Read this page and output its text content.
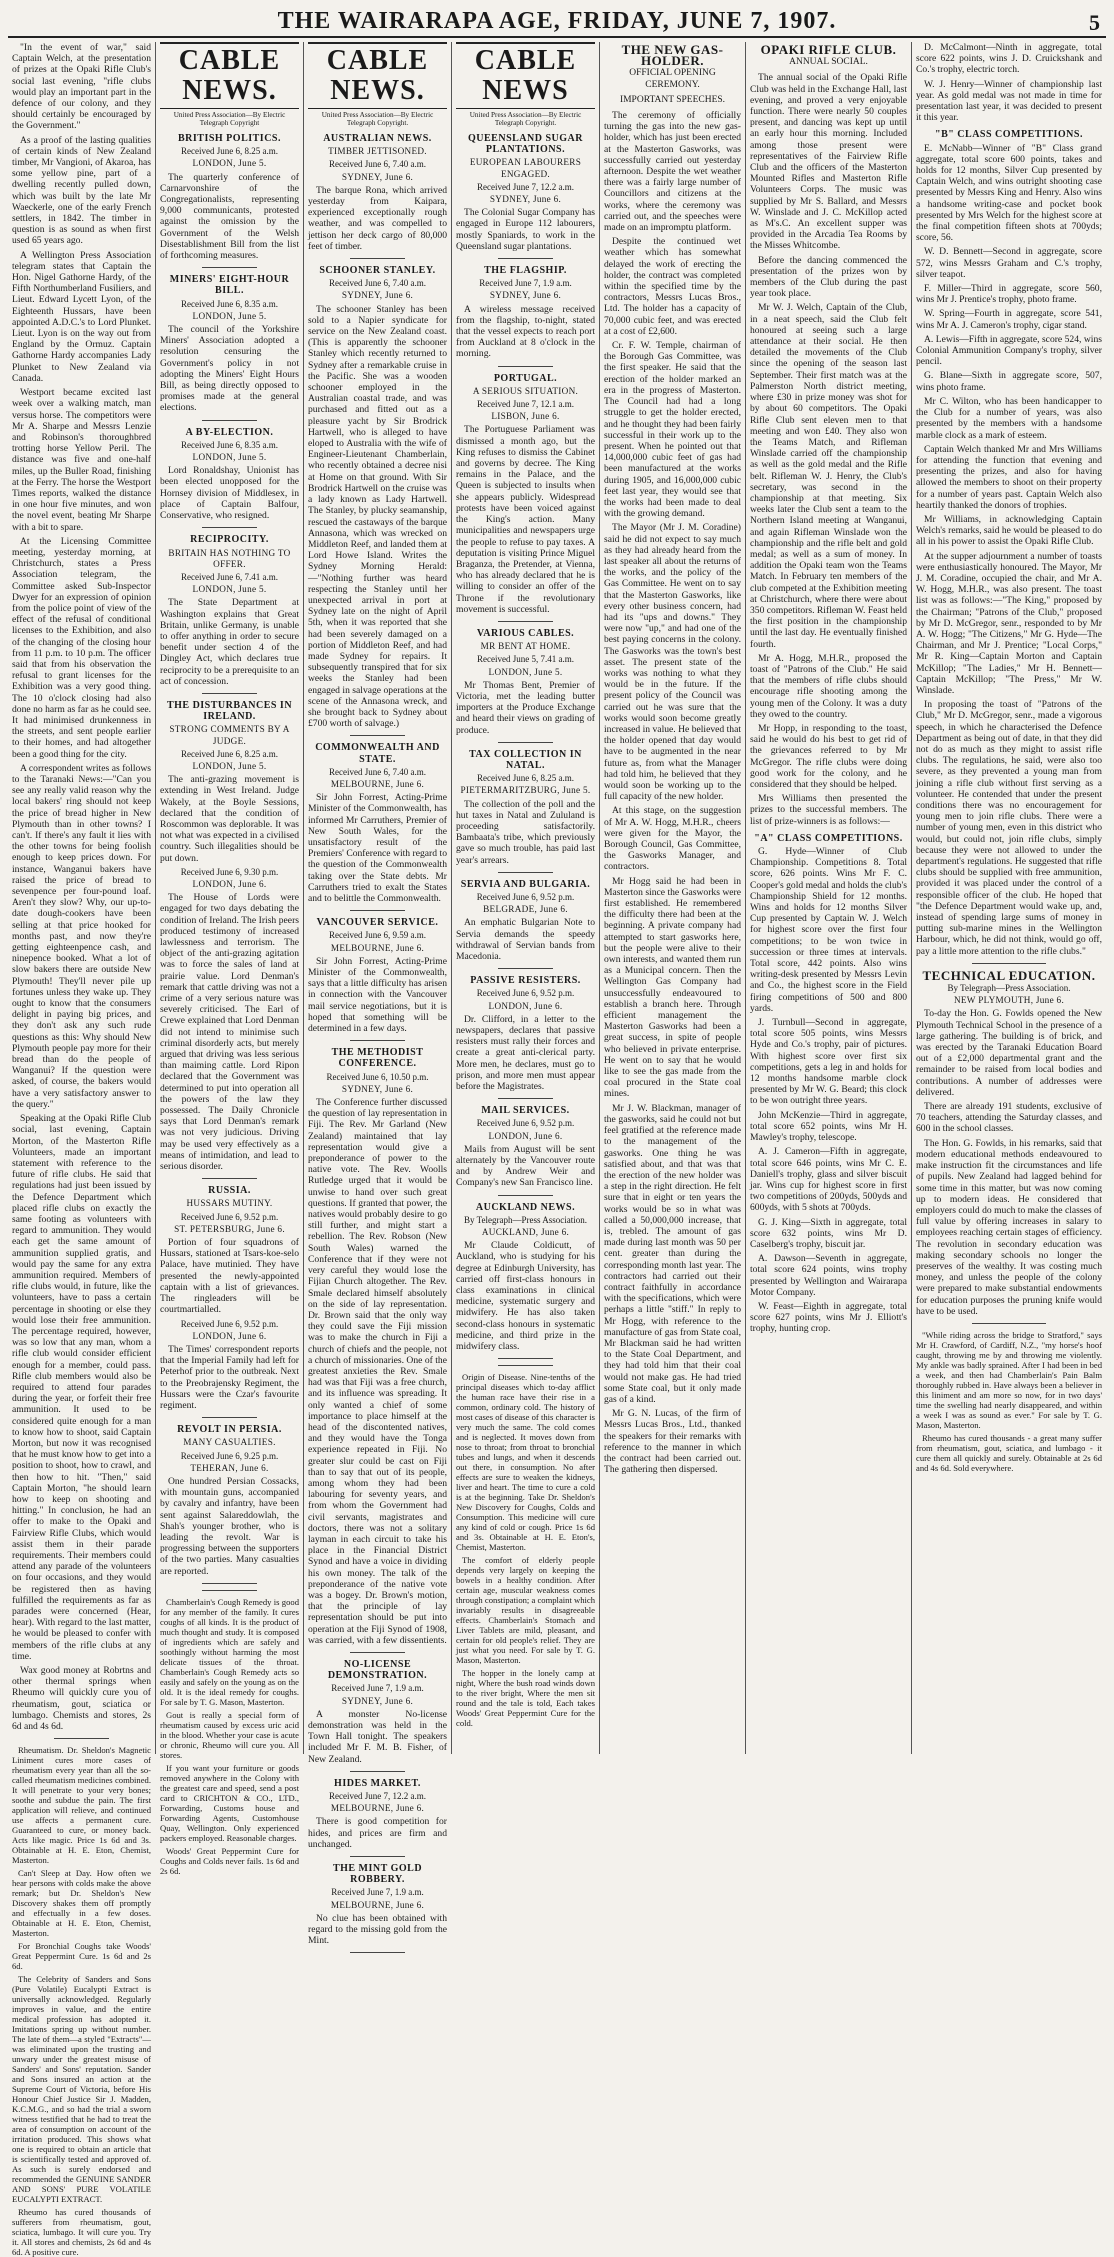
THE WAIRARAPA AGE, FRIDAY, JUNE 7, 1907.	5

"In the event of war," said Captain Welch, at the presentation of prizes at the Opaki Rifle Club's social last evening, "rifle clubs would play an important part in the defence of our colony, and they should certainly be encouraged by the Government."

As a proof of the lasting qualities of certain kinds of New Zealand timber, Mr Vangioni, of Akaroa, has some yellow pine, part of a dwelling recently pulled down, which was built by the late Mr Waeckerle, one of the early French settlers, in 1842. The timber in question is as sound as when first used 65 years ago.

A Wellington Press Association telegram states that Captain the Hon. Nigel Gathorne Hardy, of the Fifth Northumberland Fusiliers, and Lieut. Edward Lycett Lyon, of the Eighteenth Hussars, have been appointed A.D.C.'s to Lord Plunket. Lieut. Lyon is on the way out from England by the Ormuz. Captain Gathorne Hardy accompanies Lady Plunket to New Zealand via Canada.

Westport became excited last week over a walking match, man versus horse. The competitors were Mr A. Sharpe and Messrs Lenzie and Robinson's thoroughbred trotting horse Yellow Peril. The distance was five and one-half miles, up the Buller Road, finishing at the Ferry. The horse the Westport Times reports, walked the distance in one hour five minutes, and won the novel event, beating Mr Sharpe with a bit to spare.

At the Licensing Committee meeting, yesterday morning, at Christchurch, states a Press Association telegram, the Committee asked Sub-Inspector Dwyer for an expression of opinion from the police point of view of the effect of the refusal of conditional licenses to the Exhibition, and also of the changing of the closing hour from 11 p.m. to 10 p.m. The officer said that from his observation the refusal to grant licenses for the Exhibition was a very good thing. The 10 o'clock closing had also done no harm as far as he could see. It had minimised drunkenness in the streets, and sent people earlier to their homes, and had altogether been a good thing for the city.

A correspondent writes as follows to the Taranaki News:—"Can you see any really valid reason why the local bakers' ring should not keep the price of bread higher in New Plymouth than in other towns? I can't. If there's any fault it lies with the other towns for being foolish enough to keep prices down. For instance, Wanganui bakers have raised the price of bread to sevenpence per four-pound loaf. Aren't they slow? Why, our up-to-date dough-cookers have been selling at that price hooked for months past, and now they're getting eighteenpence cash, and ninepence booked. What a lot of slow bakers there are outside New Plymouth! They'll never pile up fortunes unless they wake up. They ought to know that the consumers delight in paying big prices, and they don't ask any such rude questions as this: Why should New Plymouth people pay more for their bread than do the people of Wanganui? If the question were asked, of course, the bakers would have a very satisfactory answer to the query."

Speaking at the Opaki Rifle Club social, last evening, Captain Morton, of the Masterton Rifle Volunteers, made an important statement with reference to the future of rifle clubs. He said that regulations had just been issued by the Defence Department which placed rifle clubs on exactly the same footing as volunteers with regard to ammunition. They would each get the same amount of ammunition supplied gratis, and would pay the same for any extra ammunition required. Members of rifle clubs would, in future, like the volunteers, have to pass a certain percentage in shooting or else they would lose their free ammunition. The percentage required, however, was so low that any man, whom a rifle club would consider efficient enough for a member, could pass. Rifle club members would also be required to attend four parades during the year, or forfeit their free ammunition. It used to be considered quite enough for a man to know how to shoot, said Captain Morton, but now it was recognised that he must know how to get into a position to shoot, how to crawl, and then how to hit. "Then," said Captain Morton, "he should learn how to keep on shooting and hitting." In conclusion, he had an offer to make to the Opaki and Fairview Rifle Clubs, which would assist them in their parade requirements. Their members could attend any parade of the volunteers on four occasions, and they would be registered then as having fulfilled the requirements as far as parades were concerned (Hear, hear). With regard to the last matter, he would be pleased to confer with members of the rifle clubs at any time.

Wax good money at Robrtns and other thermal springs when Rheumo will quickly cure you of rheumatism, gout, sciatica or lumbago. Chemists and stores, 2s 6d and 4s 6d.

Rheumatism. Dr. Sheldon's Magnetic Liniment cures more cases of rheumatism every year than all the so-called rheumatism medicines combined. It will penetrate to your very bones; soothe and subdue the pain. The first application will relieve, and continued use affects a permanent cure. Guaranteed to cure, or money back. Acts like magic. Price 1s 6d and 3s. Obtainable at H. E. Eton, Chemist, Masterton.

Can't Sleep at Day. How often we hear persons with colds make the above remark; but Dr. Sheldon's New Discovery shakes them off promptly and effectually in a few doses. Obtainable at H. E. Eton, Chemist, Masterton.

For Bronchial Coughs take Woods' Great Peppermint Cure. 1s 6d and 2s 6d.

The Celebrity of Sanders and Sons (Pure Volatile) Eucalypti Extract is universally acknowledged. Regularly improves in value, and the entire medical profession has adopted it. Imitations spring up without number. The late of them—a styled "Extracts"—was eliminated upon the trusting and unwary under the greatest misuse of Sanders' and Sons' reputation. Sander and Sons insured an action at the Supreme Court of Victoria, before His Honour Chief Justice Sir J. Madden, K.C.M.G., and so had the trial a sworn witness testified that he had to treat the area of consumption on account of the irritation produced. This shows what one is required to obtain an article that is scientifically tested and approved of. As such is surely endorsed and recommended the GENUINE SANDER AND SONS' PURE VOLATILE EUCALYPTI EXTRACT.

Rheumo has cured thousands of sufferers from rheumatism, gout, sciatica, lumbago. It will cure you. Try it. All stores and chemists, 2s 6d and 4s 6d. A positive cure.

CABLE NEWS.
United Press Association—By Electric Telegraph Copyright
BRITISH POLITICS.
Received June 6, 8.25 a.m.
LONDON, June 5.

The quarterly conference of Carnarvonshire of the Congregationalists, representing 9,000 communicants, protested against the omission by the Government of the Welsh Disestablishment Bill from the list of forthcoming measures.

MINERS' EIGHT-HOUR BILL.
Received June 6, 8.35 a.m.
LONDON, June 5.

The council of the Yorkshire Miners' Association adopted a resolution censuring the Government's policy in not adopting the Miners' Eight Hours Bill, as being directly opposed to promises made at the general elections.

A BY-ELECTION.
Received June 6, 8.35 a.m.
LONDON, June 5.

Lord Ronaldshay, Unionist has been elected unopposed for the Hornsey division of Middlesex, in place of Captain Balfour, Conservative, who resigned.

RECIPROCITY.
BRITAIN HAS NOTHING TO OFFER.
Received June 6, 7.41 a.m.
LONDON, June 5.

The State Department at Washington explains that Great Britain, unlike Germany, is unable to offer anything in order to secure benefit under section 4 of the Dingley Act, which declares true reciprocity to be a prerequisite to an act of concession.

THE DISTURBANCES IN IRELAND.
STRONG COMMENTS BY A JUDGE.
Received June 6, 8.25 a.m.
LONDON, June 5.

The anti-grazing movement is extending in West Ireland. Judge Wakely, at the Boyle Sessions, declared that the condition of Roscommon was deplorable. It was not what was expected in a civilised country. Such illegalities should be put down.

Received June 6, 9.30 p.m.
LONDON, June 6.

The House of Lords were engaged for two days debating the condition of Ireland. The Irish peers produced testimony of increased lawlessness and terrorism. The object of the anti-grazing agitation was to force the sales of land at prairie value. Lord Denman's remark that cattle driving was not a crime of a very serious nature was severely criticised. The Earl of Crewe explained that Lord Denman did not intend to minimise such criminal disorderly acts, but merely argued that driving was less serious than maiming cattle. Lord Ripon declared that the Government was determined to put into operation all the powers of the law they possessed. The Daily Chronicle says that Lord Denman's remark was not very judicious. Driving may be used very effectively as a means of intimidation, and lead to serious disorder.

RUSSIA.
HUSSARS MUTINY.
Received June 6, 9.52 p.m.
ST. PETERSBURG, June 6.

Portion of four squadrons of Hussars, stationed at Tsars-koe-selo Palace, have mutinied. They have presented the newly-appointed captain with a list of grievances. The ringleaders will be courtmartialled.

Received June 6, 9.52 p.m.
LONDON, June 6.

The Times' correspondent reports that the Imperial Family had left for Peterhof prior to the outbreak. Next to the Preobrajensky Regiment, the Hussars were the Czar's favourite regiment.

REVOLT IN PERSIA.
MANY CASUALTIES.
Received June 6, 9.25 p.m.
TEHERAN, June 6.

One hundred Persian Cossacks, with mountain guns, accompanied by cavalry and infantry, have been sent against Salareddowlah, the Shah's younger brother, who is leading the revolt. War is progressing between the supporters of the two parties. Many casualties are reported.

Chamberlain's Cough Remedy is good for any member of the family. It cures coughs of all kinds. It is the product of much thought and study. It is composed of ingredients which are safely and soothingly without harming the most delicate tissues of the throat. Chamberlain's Cough Remedy acts so easily and safely on the young as on the old. It is the ideal remedy for coughs. For sale by T. G. Mason, Masterton.

Gout is really a special form of rheumatism caused by excess uric acid in the blood. Whether your case is acute or chronic, Rheumo will cure you. All stores.

If you want your furniture or goods removed anywhere in the Colony with the greatest care and speed, send a post card to CRICHTON & CO., LTD., Forwarding, Customs house and Forwarding Agents, Customhouse Quay, Wellington. Only experienced packers employed. Reasonable charges.

Woods' Great Peppermint Cure for Coughs and Colds never fails. 1s 6d and 2s 6d.

CABLE NEWS.
United Press Association—By Electric Telegraph Copyright.
AUSTRALIAN NEWS.
TIMBER JETTISONED.
Received June 6, 7.40 a.m.
SYDNEY, June 6.

The barque Rona, which arrived yesterday from Kaipara, experienced exceptionally rough weather, and was compelled to jettison her deck cargo of 80,000 feet of timber.

SCHOONER STANLEY.
Received June 6, 7.40 a.m.
SYDNEY, June 6.

The schooner Stanley has been sold to a Napier syndicate for service on the New Zealand coast. (This is apparently the schooner Stanley which recently returned to Sydney after a remarkable cruise in the Pacific. She was a wooden schooner employed in the Australian coastal trade, and was purchased and fitted out as a pleasure yacht by Sir Brodrick Hartwell, who is alleged to have eloped to Australia with the wife of Engineer-Lieutenant Chamberlain, who recently obtained a decree nisi at Home on that ground. With Sir Brodrick Hartwell on the cruise was a lady known as Lady Hartwell. The Stanley, by plucky seamanship, rescued the castaways of the barque Annasona, which was wrecked on Middleton Reef, and landed them at Lord Howe Island. Writes the Sydney Morning Herald: —"Nothing further was heard respecting the Stanley until her unexpected arrival in port at Sydney late on the night of April 5th, when it was reported that she had been severely damaged on a portion of Middleton Reef, and had made Sydney for repairs. It subsequently transpired that for six weeks the Stanley had been engaged in salvage operations at the scene of the Annasona wreck, and she brought back to Sydney about £700 worth of salvage.)

COMMONWEALTH AND STATE.
Received June 6, 7.40 a.m.
MELBOURNE, June 6.

Sir John Forrest, Acting-Prime Minister of the Commonwealth, has informed Mr Carruthers, Premier of New South Wales, for the unsatisfactory result of the Premiers' Conference with regard to the question of the Commonwealth taking over the State debts. Mr Carruthers tried to exalt the States and to belittle the Commonwealth.

VANCOUVER SERVICE.
Received June 6, 9.59 a.m.
MELBOURNE, June 6.

Sir John Forrest, Acting-Prime Minister of the Commonwealth, says that a little difficulty has arisen in connection with the Vancouver mail service negotiations, but it is hoped that something will be determined in a few days.

THE METHODIST CONFERENCE.
Received June 6, 10.50 p.m.
SYDNEY, June 6.

The Conference further discussed the question of lay representation in Fiji. The Rev. Mr Garland (New Zealand) maintained that lay representation would give a preponderance of power to the native vote. The Rev. Woolls Rutledge urged that it would be unwise to hand over such great questions. If granted that power, the natives would probably desire to go still further, and might start a rebellion. The Rev. Robson (New South Wales) warned the Conference that if they were not very careful they would lose the Fijian Church altogether. The Rev. Smale declared himself absolutely on the side of lay representation. Dr. Brown said that the only way they could save the Fiji mission was to make the church in Fiji a church of chiefs and the people, not a church of missionaries. One of the greatest anxieties the Rev. Smale had was that Fiji was a free church, and its influence was spreading. It only wanted a chief of some importance to place himself at the head of the discontented natives, and they would have the Tonga experience repeated in Fiji. No greater slur could be cast on Fiji than to say that out of its people, among whom they had been labouring for seventy years, and from whom the Government had civil servants, magistrates and doctors, there was not a solitary layman in each circuit to take his place in the Financial District Synod and have a voice in dividing his own money. The talk of the preponderance of the native vote was a bogey. Dr. Brown's motion, that the principle of lay representation should be put into operation at the Fiji Synod of 1908, was carried, with a few dissentients.

NO-LICENSE DEMONSTRATION.
Received June 7, 1.9 a.m.
SYDNEY, June 6.

A monster No-license demonstration was held in the Town Hall tonight. The speakers included Mr F. M. B. Fisher, of New Zealand.

HIDES MARKET.
Received June 7, 12.2 a.m.
MELBOURNE, June 6.

There is good competition for hides, and prices are firm and unchanged.

THE MINT GOLD ROBBERY.
Received June 7, 1.9 a.m.
MELBOURNE, June 6.

No clue has been obtained with regard to the missing gold from the Mint.

CABLE NEWS
United Press Association—By Electric Telegraph Copyright.
QUEENSLAND SUGAR PLANTATIONS.
EUROPEAN LABOURERS ENGAGED.
Received June 7, 12.2 a.m.
SYDNEY, June 6.

The Colonial Sugar Company has engaged in Europe 112 labourers, mostly Spaniards, to work in the Queensland sugar plantations.

THE FLAGSHIP.
Received June 7, 1.9 a.m.
SYDNEY, June 6.

A wireless message received from the flagship, to-night, stated that the vessel expects to reach port from Auckland at 8 o'clock in the morning.

PORTUGAL.
A SERIOUS SITUATION.
Received June 7, 12.1 a.m.
LISBON, June 6.

The Portuguese Parliament was dismissed a month ago, but the King refuses to dismiss the Cabinet and governs by decree. The King remains in the Palace, and the Queen is subjected to insults when she appears publicly. Widespread protests have been voiced against the King's action. Many municipalities and newspapers urge the people to refuse to pay taxes. A deputation is visiting Prince Miguel Braganza, the Pretender, at Vienna, who has already declared that he is willing to consider an offer of the Throne if the revolutionary movement is successful.

VARIOUS CABLES.
MR BENT AT HOME.
Received June 5, 7.41 a.m.
LONDON, June 5.

Mr Thomas Bent, Premier of Victoria, met the leading butter importers at the Produce Exchange and heard their views on grading of produce.

TAX COLLECTION IN NATAL.
Received June 6, 8.25 a.m.
PIETERMARITZBURG, June 5.

The collection of the poll and the hut taxes in Natal and Zululand is proceeding satisfactorily. Bambaata's tribe, which previously gave so much trouble, has paid last year's arrears.

SERVIA AND BULGARIA.
Received June 6, 9.52 p.m.
BELGRADE, June 6.

An emphatic Bulgarian Note to Servia demands the speedy withdrawal of Servian bands from Macedonia.

PASSIVE RESISTERS.
Received June 6, 9.52 p.m.
LONDON, June 6.

Dr. Clifford, in a letter to the newspapers, declares that passive resisters must rally their forces and create a great anti-clerical party. More men, he declares, must go to prison, and more men must appear before the Magistrates.

MAIL SERVICES.
Received June 6, 9.52 p.m.
LONDON, June 6.

Mails from August will be sent alternately by the Vancouver route and by Andrew Weir and Company's new San Francisco line.

AUCKLAND NEWS.
By Telegraph—Press Association.
AUCKLAND, June 6.

Mr Claude Coldicutt, of Auckland, who is studying for his degree at Edinburgh University, has carried off first-class honours in class examinations in clinical medicine, systematic surgery and midwifery. He has also taken second-class honours in systematic medicine, and third prize in the midwifery class.

Origin of Disease. Nine-tenths of the principal diseases which to-day afflict the human race have their rise in a common, ordinary cold. The history of most cases of disease of this character is very much the same. The cold comes and is neglected. It moves down from nose to throat; from throat to bronchial tubes and lungs, and when it descends out there, in consumption. No after effects are sure to weaken the kidneys, liver and heart. The time to cure a cold is at the beginning. Take Dr. Sheldon's New Discovery for Coughs, Colds and Consumption. This medicine will cure any kind of cold or cough. Price 1s 6d and 3s. Obtainable at H. E. Eton's, Chemist, Masterton.

The comfort of elderly people depends very largely on keeping the bowels in a healthy condition. After certain age, muscular weakness comes through constipation; a complaint which invariably results in disagreeable effects. Chamberlain's Stomach and Liver Tablets are mild, pleasant, and certain for old people's relief. They are just what you need. For sale by T. G. Mason, Masterton.

The hopper in the lonely camp at night, Where the bush road winds down to the river bright, Where the men sit round and the tale is told, Each takes Woods' Great Peppermint Cure for the cold.

THE NEW GAS-HOLDER.
OFFICIAL OPENING CEREMONY.
IMPORTANT SPEECHES.

The ceremony of officially turning the gas into the new gas-holder, which has just been erected at the Masterton Gasworks, was successfully carried out yesterday afternoon. Despite the wet weather there was a fairly large number of Councillors and citizens at the works, where the ceremony was carried out, and the speeches were made on an impromptu platform.

Despite the continued wet weather which has somewhat delayed the work of erecting the holder, the contract was completed within the specified time by the contractors, Messrs Lucas Bros., Ltd. The holder has a capacity of 70,000 cubic feet, and was erected at a cost of £2,600.

Cr. F. W. Temple, chairman of the Borough Gas Committee, was the first speaker. He said that the erection of the holder marked an era in the progress of Masterton. The Council had had a long struggle to get the holder erected, and he thought they had been fairly successful in their work up to the present. When he pointed out that 14,000,000 cubic feet of gas had been manufactured at the works during 1905, and 16,000,000 cubic feet last year, they would see that the works had been made to deal with the growing demand.

The Mayor (Mr J. M. Coradine) said he did not expect to say much as they had already heard from the last speaker all about the returns of the works, and the policy of the Gas Committee. He went on to say that the Masterton Gasworks, like every other business concern, had had its "ups and downs." They were now "up," and had one of the best paying concerns in the colony. The Gasworks was the town's best asset. The present state of the works was nothing to what they would be in the future. If the present policy of the Council was carried out he was sure that the works would soon become greatly increased in value. He believed that the holder opened that day would have to be augmented in the near future as, from what the Manager had told him, he believed that they would soon be working up to the full capacity of the new holder.

At this stage, on the suggestion of Mr A. W. Hogg, M.H.R., cheers were given for the Mayor, the Borough Council, Gas Committee, the Gasworks Manager, and contractors.

Mr Hogg said he had been in Masterton since the Gasworks were first established. He remembered the difficulty there had been at the beginning. A private company had attempted to start gasworks here, but the people were alive to their own interests, and wanted them run as a Municipal concern. Then the Wellington Gas Company had unsuccessfully endeavoured to establish a branch here. Through efficient management the Masterton Gasworks had been a great success, in spite of people who believed in private enterprise. He went on to say that he would like to see the gas made from the coal procured in the State coal mines.

Mr J. W. Blackman, manager of the gasworks, said he could not but feel gratified at the reference made to the management of the gasworks. One thing he was satisfied about, and that was that the erection of the new holder was a step in the right direction. He felt sure that in eight or ten years the works would be so in what was called a 50,000,000 increase, that is, trebled. The amount of gas made during last month was 50 per cent. greater than during the corresponding month last year. The contractors had carried out their contract faithfully in accordance with the specifications, which were perhaps a little "stiff." In reply to Mr Hogg, with reference to the manufacture of gas from State coal, Mr Blackman said he had written to the State Coal Department, and they had told him that their coal would not make gas. He had tried some State coal, but it only made gas of a kind.

Mr G. N. Lucas, of the firm of Messrs Lucas Bros., Ltd., thanked the speakers for their remarks with reference to the manner in which the contract had been carried out. The gathering then dispersed.

OPAKI RIFLE CLUB.
ANNUAL SOCIAL.

The annual social of the Opaki Rifle Club was held in the Exchange Hall, last evening, and proved a very enjoyable function. There were nearly 50 couples present, and dancing was kept up until an early hour this morning. Included among those present were representatives of the Fairview Rifle Club and the officers of the Masterton Mounted Rifles and Masterton Rifle Volunteers Corps. The music was supplied by Mr S. Ballard, and Messrs W. Winslade and J. C. McKillop acted as M's.C. An excellent supper was provided in the Arcadia Tea Rooms by the Misses Whitcombe.

Before the dancing commenced the presentation of the prizes won by members of the Club during the past year took place.

Mr W. J. Welch, Captain of the Club, in a neat speech, said the Club felt honoured at seeing such a large attendance at their social. He then detailed the movements of the Club since the opening of the season last September. Their first match was at the Palmerston North district meeting, where £30 in prize money was shot for by about 60 competitors. The Opaki Rifle Club sent eleven men to that meeting and won £40. They also won the Teams Match, and Rifleman Winslade carried off the championship as well as the gold medal and the Rifle belt. Rifleman W. J. Henry, the Club's secretary, was second in the championship at that meeting. Six weeks later the Club sent a team to the Northern Island meeting at Wanganui, and again Rifleman Winslade won the championship and the rifle belt and gold medal; as well as a sum of money. In addition the Opaki team won the Teams Match. In February ten members of the club competed at the Exhibition meeting at Christchurch, where there were about 350 competitors. Rifleman W. Feast held the first position in the championship until the last day. He eventually finished fourth.

Mr A. Hogg, M.H.R., proposed the toast of "Patrons of the Club." He said that the members of rifle clubs should encourage rifle shooting among the young men of the Colony. It was a duty they owed to the country.

Mr Hopp, in responding to the toast, said he would do his best to get rid of the grievances referred to by Mr McGregor. The rifle clubs were doing good work for the colony, and he considered that they should be helped.

Mrs Williams then presented the prizes to the successful members. The list of prize-winners is as follows:—

"A" CLASS COMPETITIONS.

G. Hyde—Winner of Club Championship. Competitions 8. Total score, 626 points. Wins Mr F. C. Cooper's gold medal and holds the club's Championship Shield for 12 months. Wins and holds for 12 months Silver Cup presented by Captain W. J. Welch for highest score over the first four competitions; to be won twice in succession or three times at intervals. Total score, 442 points. Also wins writing-desk presented by Messrs Levin and Co., the highest score in the Field firing competitions of 500 and 800 yards.

J. Turnbull—Second in aggregate, total score 505 points, wins Messrs Hyde and Co.'s trophy, pair of pictures. With highest score over first six competitions, gets a leg in and holds for 12 months handsome marble clock presented by Mr W. G. Beard; this clock to be won outright three years.

John McKenzie—Third in aggregate, total score 652 points, wins Mr H. Mawley's trophy, telescope.

A. J. Cameron—Fifth in aggregate, total score 646 points, wins Mr C. E. Daniell's trophy, glass and silver biscuit jar. Wins cup for highest score in first two competitions of 200yds, 500yds and 600yds, with 5 shots at 700yds.

G. J. King—Sixth in aggregate, total score 632 points, wins Mr D. Caselberg's trophy, biscuit jar.

A. Dawson—Seventh in aggregate, total score 624 points, wins trophy presented by Wellington and Wairarapa Motor Company.

W. Feast—Eighth in aggregate, total score 627 points, wins Mr J. Elliott's trophy, hunting crop.

D. McCalmont—Ninth in aggregate, total score 622 points, wins J. D. Cruickshank and Co.'s trophy, electric torch.

W. J. Henry—Winner of championship last year. As gold medal was not made in time for presentation last year, it was decided to present it this year.

"B" CLASS COMPETITIONS.

E. McNabb—Winner of "B" Class grand aggregate, total score 600 points, takes and holds for 12 months, Silver Cup presented by Captain Welch, and wins outright shooting case presented by Messrs King and Henry. Also wins a handsome writing-case and pocket book presented by Mrs Welch for the highest score at the final competition fifteen shots at 700yds; score, 56.

W. D. Bennett—Second in aggregate, score 572, wins Messrs Graham and C.'s trophy, silver teapot.

F. Miller—Third in aggregate, score 560, wins Mr J. Prentice's trophy, photo frame.

W. Spring—Fourth in aggregate, score 541, wins Mr A. J. Cameron's trophy, cigar stand.

A. Lewis—Fifth in aggregate, score 524, wins Colonial Ammunition Company's trophy, silver pencil.

G. Blane—Sixth in aggregate score, 507, wins photo frame.

Mr C. Wilton, who has been handicapper to the Club for a number of years, was also presented by the members with a handsome marble clock as a mark of esteem.

Captain Welch thanked Mr and Mrs Williams for attending the function that evening and presenting the prizes, and also for having allowed the members to shoot on their property for a number of years past. Captain Welch also heartily thanked the donors of trophies.

Mr Williams, in acknowledging Captain Welch's remarks, said he would be pleased to do all in his power to assist the Opaki Rifle Club.

At the supper adjournment a number of toasts were enthusiastically honoured. The Mayor, Mr J. M. Coradine, occupied the chair, and Mr A. W. Hogg, M.H.R., was also present. The toast list was as follows:—"The King," proposed by the Chairman; "Patrons of the Club," proposed by Mr D. McGregor, senr., responded to by Mr A. W. Hogg; "The Citizens," Mr G. Hyde—The Chairman, and Mr J. Prentice; "Local Corps," Mr R. King—Captain Morton and Captain McKillop; "The Ladies," Mr H. Bennett—Captain McKillop; "The Press," Mr W. Winslade.

In proposing the toast of "Patrons of the Club," Mr D. McGregor, senr., made a vigorous speech, in which he characterised the Defence Department as being out of date, in that they did not do as much as they might to assist rifle clubs. The regulations, he said, were also too severe, as they prevented a young man from joining a rifle club without first serving as a volunteer. He contended that under the present conditions there was no encouragement for young men to join rifle clubs. There were a number of young men, even in this district who would, but could not, join rifle clubs, simply because they were not allowed to under the department's regulations. He suggested that rifle clubs should be supplied with free ammunition, provided it was placed under the control of a responsible officer of the club. He hoped that "the Defence Department would wake up, and, instead of spending large sums of money in putting sub-marine mines in the Wellington Harbour, which, he did not think, would go off, pay a little more attention to the rifle clubs."

TECHNICAL EDUCATION.
By Telegraph—Press Association.
NEW PLYMOUTH, June 6.

To-day the Hon. G. Fowlds opened the New Plymouth Technical School in the presence of a large gathering. The building is of brick, and was erected by the Taranaki Education Board out of a £2,000 departmental grant and the remainder to be raised from local bodies and contributions. A number of addresses were delivered.

There are already 191 students, exclusive of 70 teachers, attending the Saturday classes, and 600 in the school classes.

The Hon. G. Fowlds, in his remarks, said that modern educational methods endeavoured to make instruction fit the circumstances and life of pupils. New Zealand had lagged behind for some time in this matter, but was now coming up to modern ideas. He considered that employers could do much to make the classes of full value by offering increases in salary to employees reaching certain stages of efficiency. The revolution in secondary education was making secondary schools no longer the preserves of the wealthy. It was costing much money, and unless the people of the colony were prepared to make substantial endowments for education purposes the pruning knife would have to be used.

"While riding across the bridge to Stratford," says Mr H. Crawford, of Cardiff, N.Z., "my horse's hoof caught, throwing me by and throwing me violently. My ankle was badly sprained. After I had been in bed a week, and then had Chamberlain's Pain Balm thoroughly rubbed in. Have always been a believer in this liniment and am more so now, for in two days' time the swelling had nearly disappeared, and within a week I was as sound as ever." For sale by T. G. Mason, Masterton.

Rheumo has cured thousands - a great many suffer from rheumatism, gout, sciatica, and lumbago - it cure them all quickly and surely. Obtainable at 2s 6d and 4s 6d. Sold everywhere.
